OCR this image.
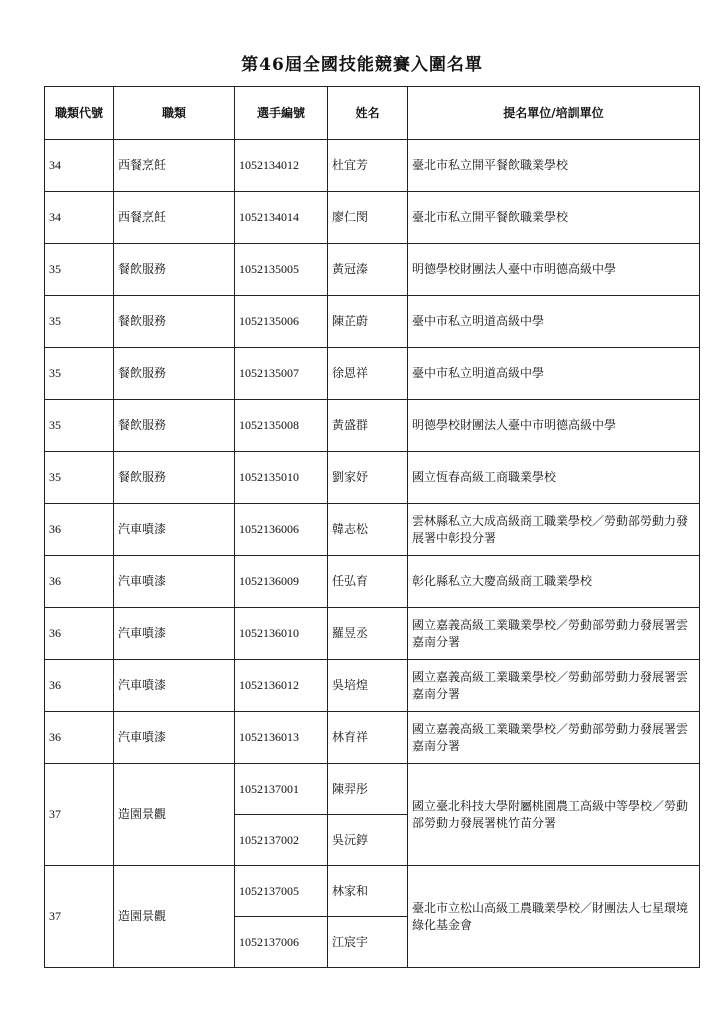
第46屆全國技能競賽入圍名單
職類代號	職類	選手編號	姓名	提名單位/培訓單位
34	西餐烹飪	1052134012	杜宜芳	臺北市私立開平餐飲職業學校
34	西餐烹飪	1052134014	廖仁閔	臺北市私立開平餐飲職業學校
35	餐飲服務	1052135005	黃冠溱	明德學校財團法人臺中市明德高級中學
35	餐飲服務	1052135006	陳芷蔚	臺中市私立明道高級中學
35	餐飲服務	1052135007	徐恩祥	臺中市私立明道高級中學
35	餐飲服務	1052135008	黃盛群	明德學校財團法人臺中市明德高級中學
35	餐飲服務	1052135010	劉家妤	國立恆春高級工商職業學校
36	汽車噴漆	1052136006	韓志松	雲林縣私立大成高級商工職業學校／勞動部勞動力發展署中彰投分署
36	汽車噴漆	1052136009	任弘育	彰化縣私立大慶高級商工職業學校
36	汽車噴漆	1052136010	羅昱丞	國立嘉義高級工業職業學校／勞動部勞動力發展署雲嘉南分署
36	汽車噴漆	1052136012	吳培煌	國立嘉義高級工業職業學校／勞動部勞動力發展署雲嘉南分署
36	汽車噴漆	1052136013	林育祥	國立嘉義高級工業職業學校／勞動部勞動力發展署雲嘉南分署
37	造園景觀	1052137001	陳羿彤	國立臺北科技大學附屬桃園農工高級中等學校／勞動部勞動力發展署桃竹苗分署
		1052137002	吳沅錞	
37	造園景觀	1052137005	林家和	臺北市立松山高級工農職業學校／財團法人七星環境綠化基金會
		1052137006	江宸宇	
